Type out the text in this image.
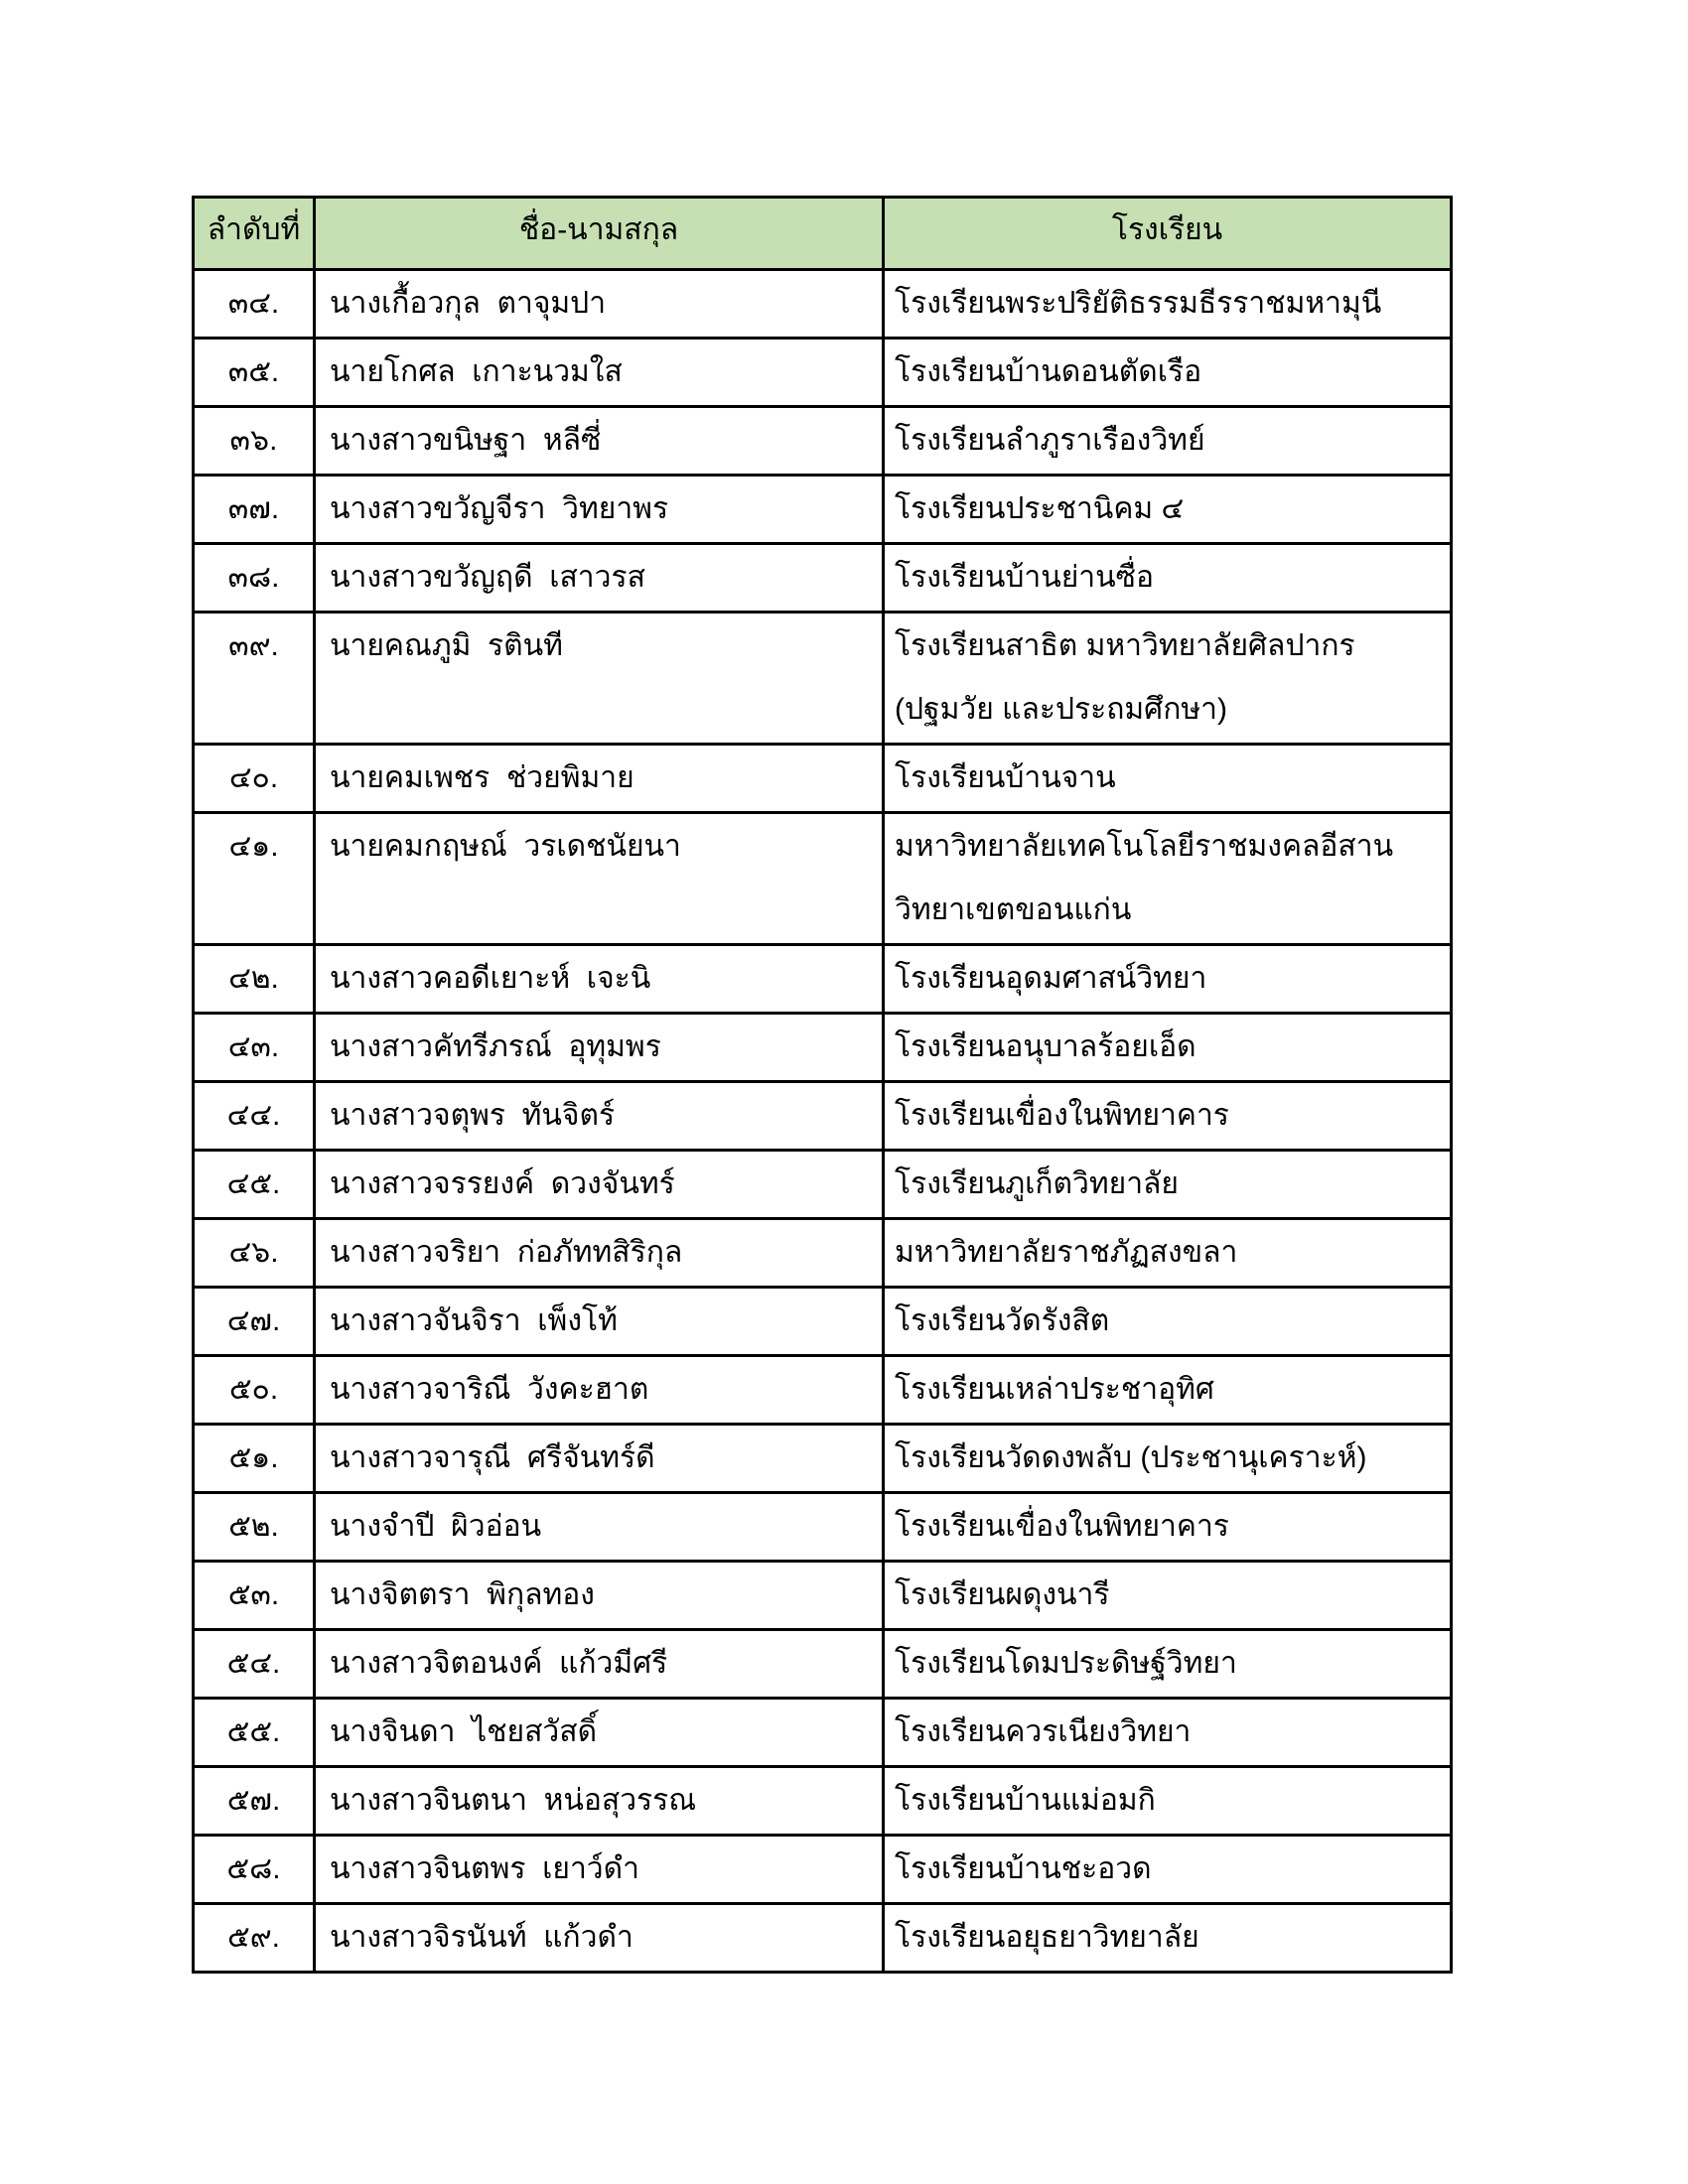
ลำดับที่	ชื่อ-นามสกุล	โรงเรียน
๓๔.	นางเกื้อวกุล  ตาจุมปา	โรงเรียนพระปริยัติธรรมธีรราชมหามุนี
๓๕.	นายโกศล  เกาะนวมใส	โรงเรียนบ้านดอนตัดเรือ
๓๖.	นางสาวขนิษฐา  หลีซี่	โรงเรียนลำภูราเรืองวิทย์
๓๗.	นางสาวขวัญจีรา  วิทยาพร	โรงเรียนประชานิคม ๔
๓๘.	นางสาวขวัญฤดี  เสาวรส	โรงเรียนบ้านย่านซื่อ
๓๙.	นายคณภูมิ  รตินที	โรงเรียนสาธิต มหาวิทยาลัยศิลปากร (ปฐมวัย และประถมศึกษา)
๔๐.	นายคมเพชร  ช่วยพิมาย	โรงเรียนบ้านจาน
๔๑.	นายคมกฤษณ์  วรเดชนัยนา	มหาวิทยาลัยเทคโนโลยีราชมงคลอีสาน วิทยาเขตขอนแก่น
๔๒.	นางสาวคอดีเยาะห์  เจะนิ	โรงเรียนอุดมศาสน์วิทยา
๔๓.	นางสาวคัทรีภรณ์  อุทุมพร	โรงเรียนอนุบาลร้อยเอ็ด
๔๔.	นางสาวจตุพร  ทันจิตร์	โรงเรียนเขื่องในพิทยาคาร
๔๕.	นางสาวจรรยงค์  ดวงจันทร์	โรงเรียนภูเก็ตวิทยาลัย
๔๖.	นางสาวจริยา  ก่อภัททสิริกุล	มหาวิทยาลัยราชภัฏสงขลา
๔๗.	นางสาวจันจิรา  เพ็งโท้	โรงเรียนวัดรังสิต
๕๐.	นางสาวจาริณี  วังคะฮาต	โรงเรียนเหล่าประชาอุทิศ
๕๑.	นางสาวจารุณี  ศรีจันทร์ดี	โรงเรียนวัดดงพลับ (ประชานุเคราะห์)
๕๒.	นางจำปี  ผิวอ่อน	โรงเรียนเขื่องในพิทยาคาร
๕๓.	นางจิตตรา  พิกุลทอง	โรงเรียนผดุงนารี
๕๔.	นางสาวจิตอนงค์  แก้วมีศรี	โรงเรียนโดมประดิษฐ์วิทยา
๕๕.	นางจินดา  ไชยสวัสดิ์	โรงเรียนควรเนียงวิทยา
๕๗.	นางสาวจินตนา  หน่อสุวรรณ	โรงเรียนบ้านแม่อมกิ
๕๘.	นางสาวจินตพร  เยาว์ดำ	โรงเรียนบ้านชะอวด
๕๙.	นางสาวจิรนันท์  แก้วดำ	โรงเรียนอยุธยาวิทยาลัย
